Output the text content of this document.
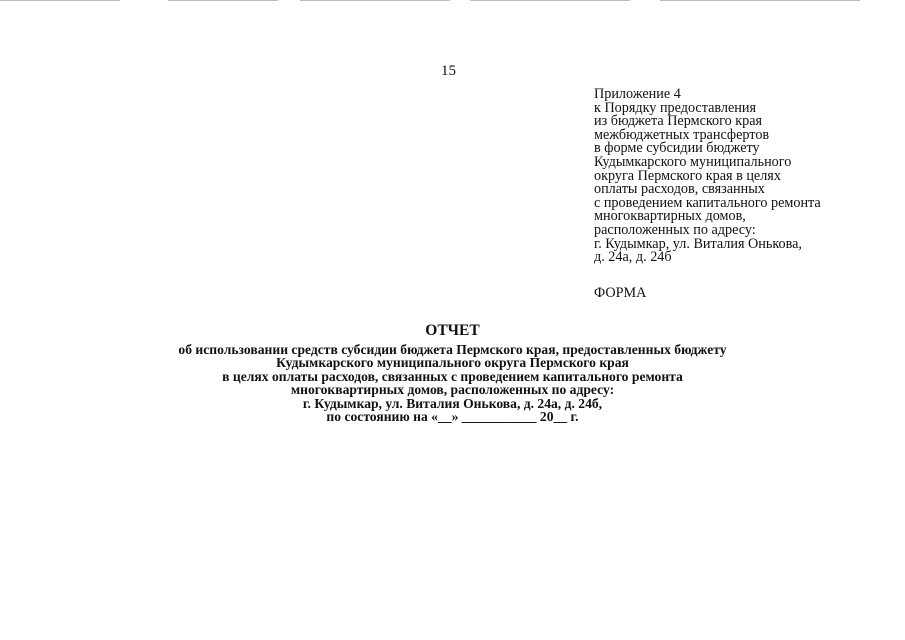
15
Приложение 4
к Порядку предоставления
из бюджета Пермского края
межбюджетных трансфертов
в форме субсидии бюджету
Кудымкарского муниципального
округа Пермского края в целях
оплаты расходов, связанных
с проведением капитального ремонта
многоквартирных домов,
расположенных по адресу:
г. Кудымкар, ул. Виталия Онькова,
д. 24а, д. 24б
ФОРМА
ОТЧЕТ
об использовании средств субсидии бюджета Пермского края, предоставленных бюджету
Кудымкарского муниципального округа Пермского края
в целях оплаты расходов, связанных с проведением капитального ремонта
многоквартирных домов, расположенных по адресу:
г. Кудымкар, ул. Виталия Онькова, д. 24а, д. 24б,
по состоянию на «__» ___________ 20__ г.
